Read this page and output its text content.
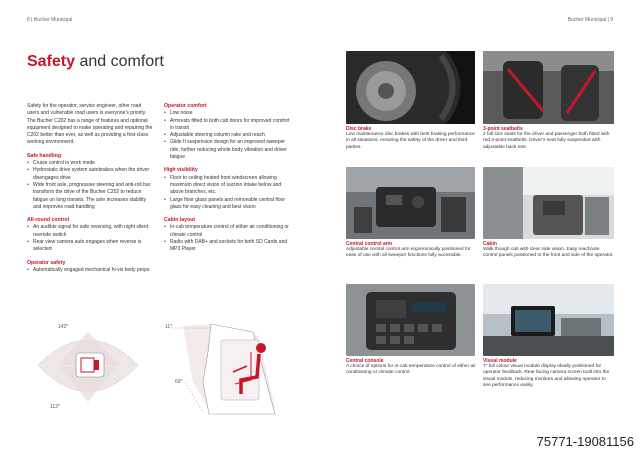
8 | Bucher Municipal	Bucher Municipal | 9
Safety and comfort

Safety for the operator, service engineer, other road users and vulnerable road users is everyone’s priority. The Bucher C202 has a range of features and optional equipment designed to make operating and repairing the C202 better than ever, as well as providing a first-class working environment.

Safe handling
• Cruise control in work mode
• Hydrostatic drive system autobrakes when the driver disengages drive
• Wide front axle, progressive steering and anti-roll bar transform the drive of the Bucher C202 to reduce fatigue on long transits. The axle increases stability and improves road handling
All-round control
• An audible signal for safe reversing, with night silent override switch
• Rear view camera auto engages when reverse is selected
Operator safety
• Automatically engaged mechanical hi-vis body props
Operator comfort
• Low noise
• Armrests fitted to both cab doors for improved comfort in transit
• Adjustable steering column rake and reach
• Glide II suspension design for an improved sweeper ride, further reducing whole body vibration and driver fatigue
High visibility
• Floor to ceiling heated front windscreen allowing maximum direct vision of suction intake below and above branches, etc.
• Large floor glass panels and removable central floor glass for easy cleaning and best vision
Cabin layout
• In-cab temperature control of either air conditioning or climate control
• Radio with DAB+ and sockets for both SD Cards and MP3 Player
142°
112°
11°
69°
Disc brake
Low maintenance disc brakes with best braking performance in all situations, ensuring the safety of the driver and third parties.
3-point seatbelts
2 full size seats for the driver and passenger both fitted with red 3-point seatbelts. Driver’s seat fully suspended with adjustable back rest.
Central control arm
Adjustable central control arm ergonomically positioned for ease of use with all sweeper functions fully accessible.
Cabin
Walk though cab with clear side vision. Easy reach/use control panels positioned to the front and side of the operator.
Central console
A choice of options for in-cab temperature control of either air conditioning or climate control.
Visual module
7” full colour visual module display ideally positioned for operator feedback. Rear facing camera screen built into the visual module, reducing monitors and allowing operator to see performance easily.
75771-19081156
